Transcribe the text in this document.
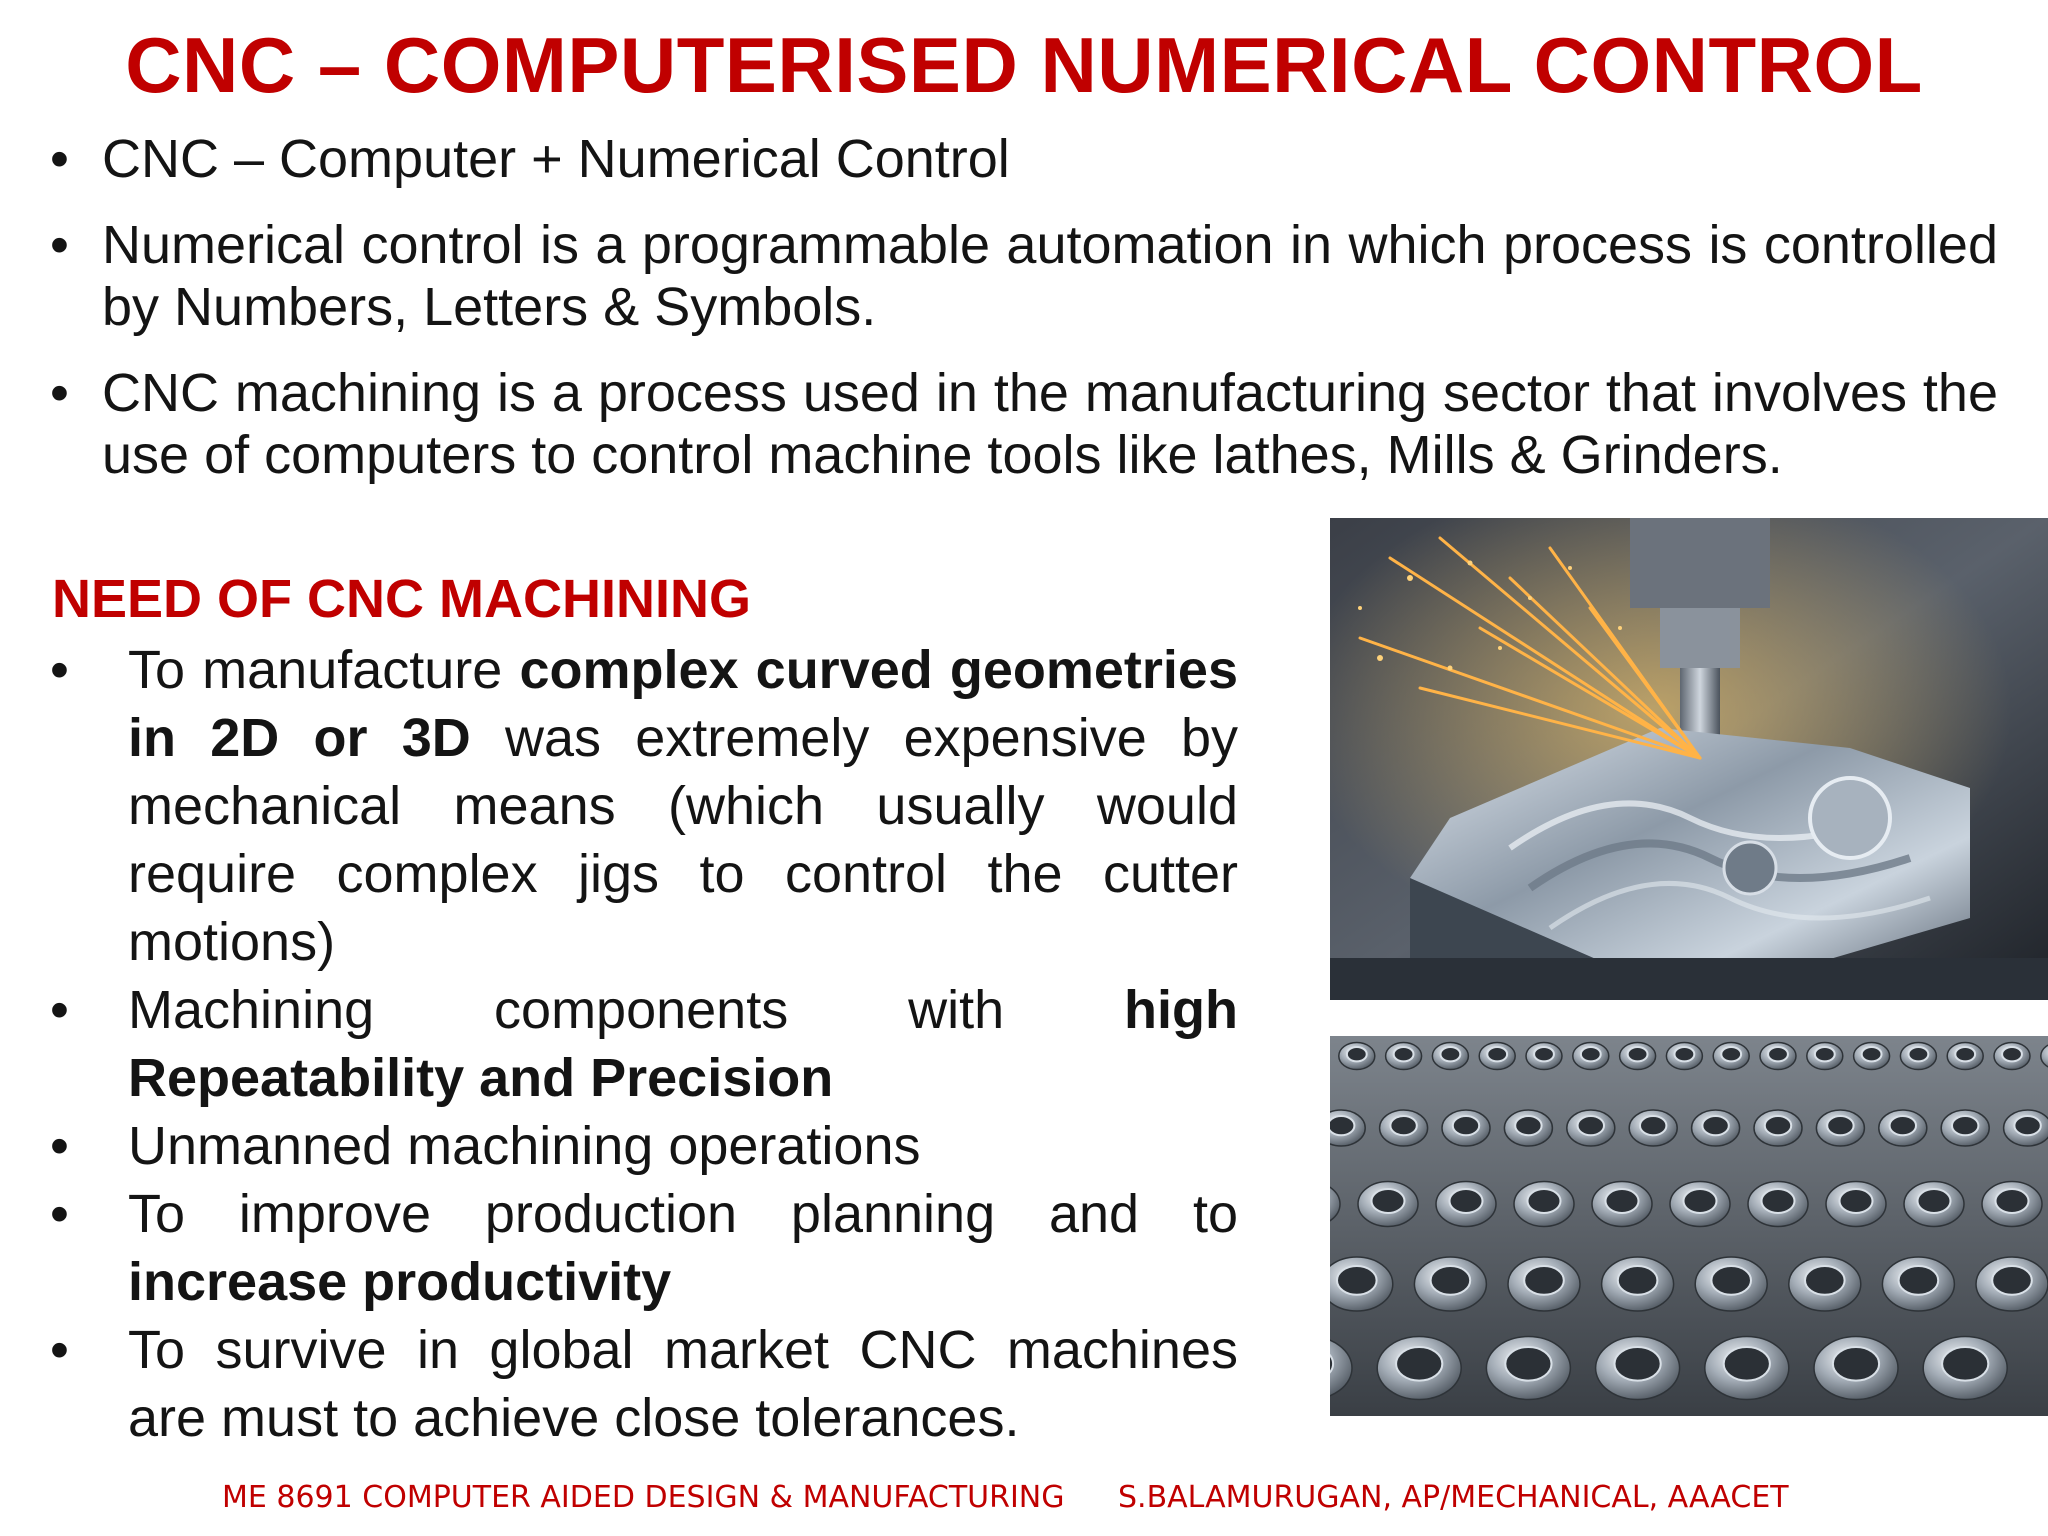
CNC – COMPUTERISED NUMERICAL CONTROL
• CNC – Computer + Numerical Control
• Numerical control is a programmable automation in which process is controlled by Numbers, Letters & Symbols.
• CNC machining is a process used in the manufacturing sector that involves the use of computers to control machine tools like lathes, Mills & Grinders.
NEED OF CNC MACHINING
•	To manufacture complex curved geometries in 2D or 3D was extremely expensive by mechanical means (which usually would require complex jigs to control the cutter motions)
•	Machining components with high Repeatability and Precision
•	Unmanned machining operations
•	To improve production planning and to increase productivity
•	To survive in global market CNC machines are must to achieve close tolerances.
ME 8691 COMPUTER AIDED DESIGN & MANUFACTURING S.BALAMURUGAN, AP/MECHANICAL, AAACET
